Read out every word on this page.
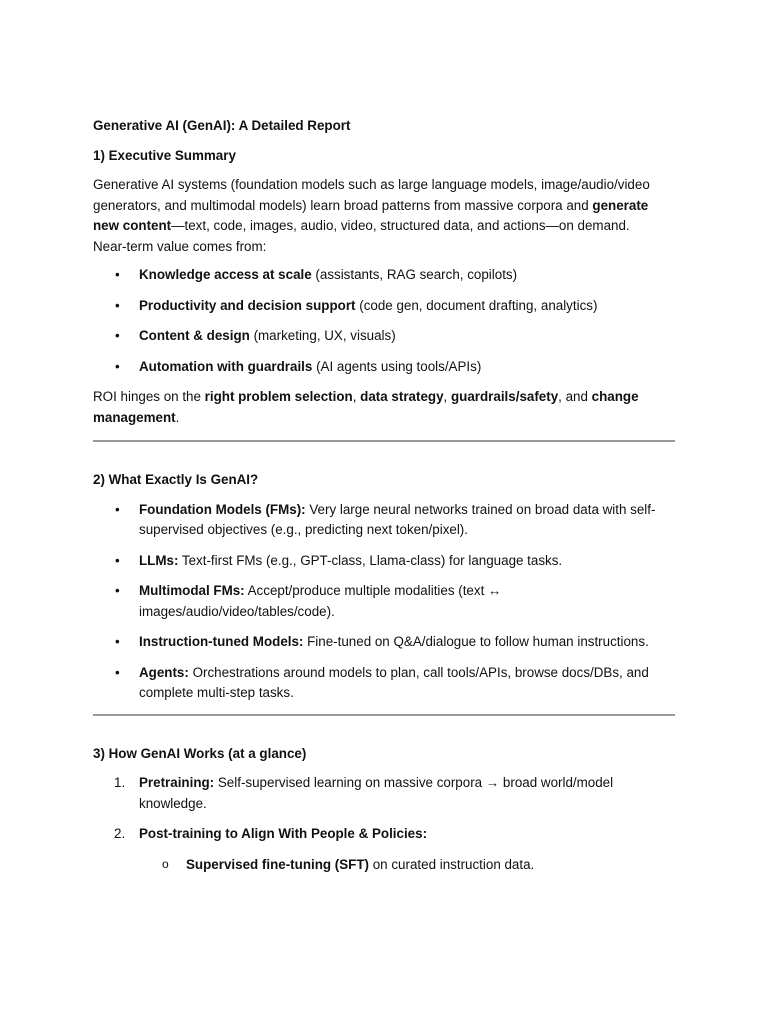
Generative AI (GenAI): A Detailed Report

1) Executive Summary

Generative AI systems (foundation models such as large language models, image/audio/video generators, and multimodal models) learn broad patterns from massive corpora and generate new content—text, code, images, audio, video, structured data, and actions—on demand.
Near-term value comes from:

• Knowledge access at scale (assistants, RAG search, copilots)
• Productivity and decision support (code gen, document drafting, analytics)
• Content & design (marketing, UX, visuals)
• Automation with guardrails (AI agents using tools/APIs)

ROI hinges on the right problem selection, data strategy, guardrails/safety, and change management.

2) What Exactly Is GenAI?

• Foundation Models (FMs): Very large neural networks trained on broad data with self-supervised objectives (e.g., predicting next token/pixel).
• LLMs: Text-first FMs (e.g., GPT-class, Llama-class) for language tasks.
• Multimodal FMs: Accept/produce multiple modalities (text ↔ images/audio/video/tables/code).
• Instruction-tuned Models: Fine-tuned on Q&A/dialogue to follow human instructions.
• Agents: Orchestrations around models to plan, call tools/APIs, browse docs/DBs, and complete multi-step tasks.

3) How GenAI Works (at a glance)

1. Pretraining: Self-supervised learning on massive corpora → broad world/model knowledge.
2. Post-training to Align With People & Policies:
o Supervised fine-tuning (SFT) on curated instruction data.
